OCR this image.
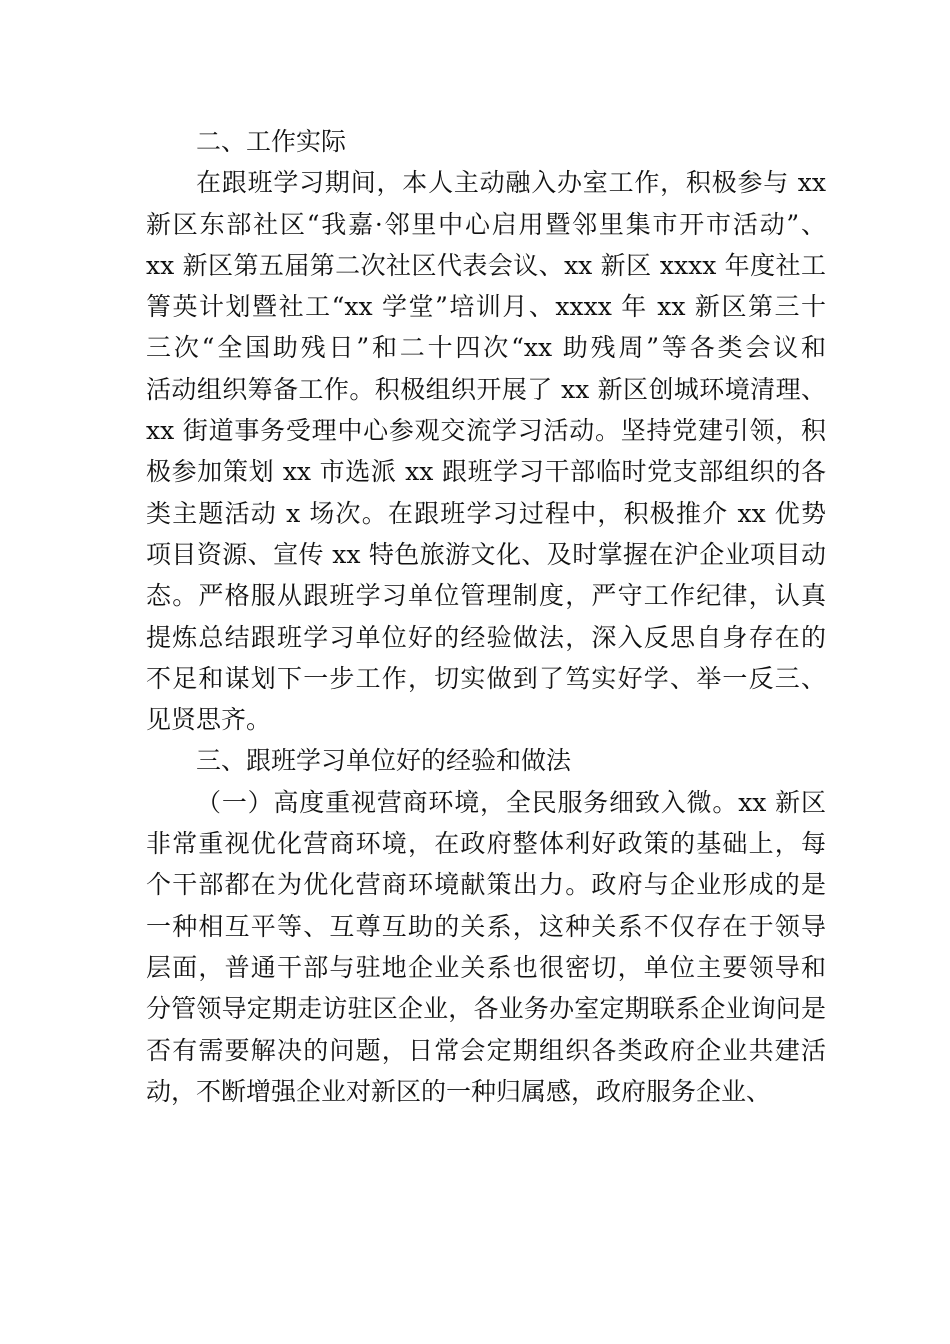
二、工作实际
在跟班学习期间，本人主动融入办室工作，积极参与 xx
新区东部社区“我嘉·邻里中心启用暨邻里集市开市活动”、
xx 新区第五届第二次社区代表会议、xx 新区 xxxx 年度社工
箐英计划暨社工“xx 学堂”培训月、xxxx 年 xx 新区第三十
三次“全国助残日”和二十四次“xx 助残周”等各类会议和
活动组织筹备工作。积极组织开展了 xx 新区创城环境清理、
xx 街道事务受理中心参观交流学习活动。坚持党建引领，积
极参加策划 xx 市选派 xx 跟班学习干部临时党支部组织的各
类主题活动 x 场次。在跟班学习过程中，积极推介 xx 优势
项目资源、宣传 xx 特色旅游文化、及时掌握在沪企业项目动
态。严格服从跟班学习单位管理制度，严守工作纪律，认真
提炼总结跟班学习单位好的经验做法，深入反思自身存在的
不足和谋划下一步工作，切实做到了笃实好学、举一反三、
见贤思齐。
三、跟班学习单位好的经验和做法
（一）高度重视营商环境，全民服务细致入微。xx 新区
非常重视优化营商环境，在政府整体利好政策的基础上，每
个干部都在为优化营商环境献策出力。政府与企业形成的是
一种相互平等、互尊互助的关系，这种关系不仅存在于领导
层面，普通干部与驻地企业关系也很密切，单位主要领导和
分管领导定期走访驻区企业，各业务办室定期联系企业询问是
否有需要解决的问题，日常会定期组织各类政府企业共建活
动，不断增强企业对新区的一种归属感，政府服务企业、
